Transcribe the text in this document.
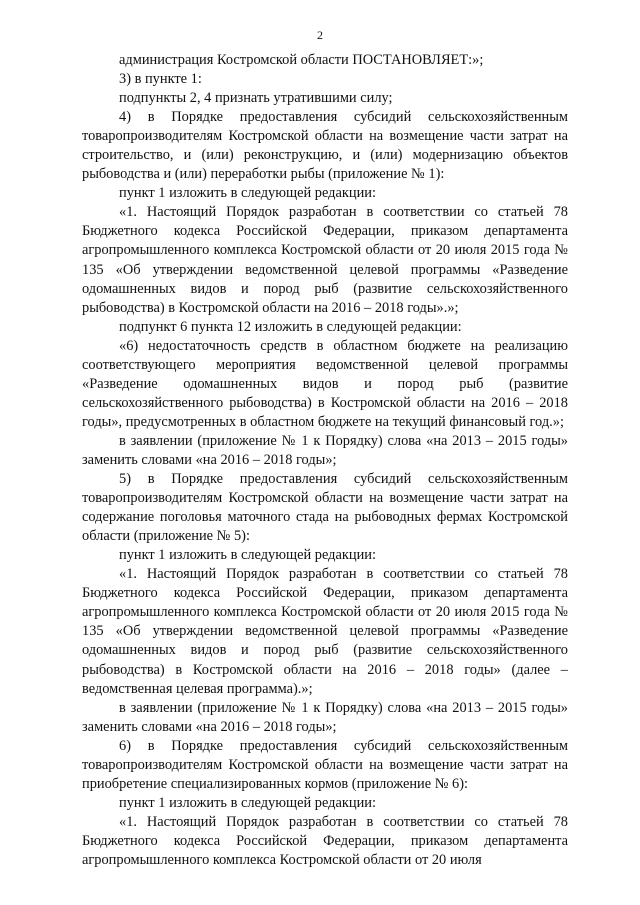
2

администрация Костромской области ПОСТАНОВЛЯЕТ:»;

3) в пункте 1:

подпункты 2, 4 признать утратившими силу;

4) в Порядке предоставления субсидий сельскохозяйственным товаропроизводителям Костромской области на возмещение части затрат на строительство, и (или) реконструкцию, и (или) модернизацию объектов рыбоводства и (или) переработки рыбы (приложение № 1):

пункт 1 изложить в следующей редакции:

«1. Настоящий Порядок разработан в соответствии со статьей 78 Бюджетного кодекса Российской Федерации, приказом департамента агропромышленного комплекса Костромской области от 20 июля 2015 года № 135 «Об утверждении ведомственной целевой программы «Разведение одомашненных видов и пород рыб (развитие сельскохозяйственного рыбоводства) в Костромской области на 2016 – 2018 годы».»;

подпункт 6 пункта 12 изложить в следующей редакции:

«6) недостаточность средств в областном бюджете на реализацию соответствующего мероприятия ведомственной целевой программы «Разведение одомашненных видов и пород рыб (развитие сельскохозяйственного рыбоводства) в Костромской области на 2016 – 2018 годы», предусмотренных в областном бюджете на текущий финансовый год.»;

в заявлении (приложение № 1 к Порядку) слова «на 2013 – 2015 годы» заменить словами «на 2016 – 2018 годы»;

5) в Порядке предоставления субсидий сельскохозяйственным товаропроизводителям Костромской области на возмещение части затрат на содержание поголовья маточного стада на рыбоводных фермах Костромской области (приложение № 5):

пункт 1 изложить в следующей редакции:

«1. Настоящий Порядок разработан в соответствии со статьей 78 Бюджетного кодекса Российской Федерации, приказом департамента агропромышленного комплекса Костромской области от 20 июля 2015 года № 135 «Об утверждении ведомственной целевой программы «Разведение одомашненных видов и пород рыб (развитие сельскохозяйственного рыбоводства) в Костромской области на 2016 – 2018 годы» (далее – ведомственная целевая программа).»;

в заявлении (приложение № 1 к Порядку) слова «на 2013 – 2015 годы» заменить словами «на 2016 – 2018 годы»;

6) в Порядке предоставления субсидий сельскохозяйственным товаропроизводителям Костромской области на возмещение части затрат на приобретение специализированных кормов (приложение № 6):

пункт 1 изложить в следующей редакции:

«1. Настоящий Порядок разработан в соответствии со статьей 78 Бюджетного кодекса Российской Федерации, приказом департамента агропромышленного комплекса Костромской области от 20 июля
